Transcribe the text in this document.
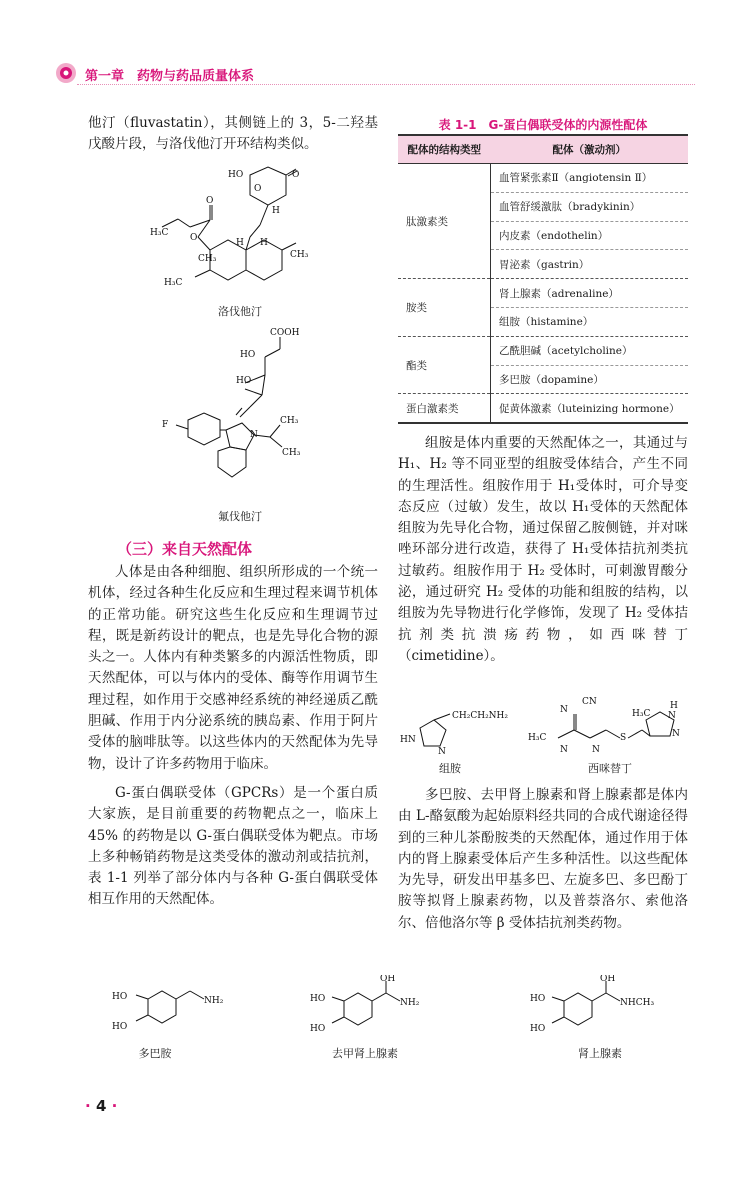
第一章　药物与药品质量体系

他汀（fluvastatin），其侧链上的 3，5-二羟基戊酸片段，与洛伐他汀开环结构类似。

HO	O
O
H
O
O
H₃C
CH₃
H H
CH₃
H₃C
洛伐他汀
COOH
HO
HO
N
CH₃
CH₃
F
氟伐他汀
（三）来自天然配体

人体是由各种细胞、组织所形成的一个统一机体，经过各种生化反应和生理过程来调节机体的正常功能。研究这些生化反应和生理调节过程，既是新药设计的靶点，也是先导化合物的源头之一。人体内有种类繁多的内源活性物质，即天然配体，可以与体内的受体、酶等作用调节生理过程，如作用于交感神经系统的神经递质乙酰胆碱、作用于内分泌系统的胰岛素、作用于阿片受体的脑啡肽等。以这些体内的天然配体为先导物，设计了许多药物用于临床。

G-蛋白偶联受体（GPCRs）是一个蛋白质大家族，是目前重要的药物靶点之一，临床上 45% 的药物是以 G-蛋白偶联受体为靶点。市场上多种畅销药物是这类受体的激动剂或拮抗剂，表 1-1 列举了部分体内与各种 G-蛋白偶联受体相互作用的天然配体。

表 1-1　G-蛋白偶联受体的内源性配体
配体的结构类型	配体（激动剂）
肽激素类	血管紧张素Ⅱ（angiotensin Ⅱ）
	血管舒缓激肽（bradykinin）
	内皮素（endothelin）
	胃泌素（gastrin）
胺类	肾上腺素（adrenaline）
	组胺（histamine）
酯类	乙酰胆碱（acetylcholine）
	多巴胺（dopamine）
蛋白激素类	促黄体激素（luteinizing hormone）

组胺是体内重要的天然配体之一，其通过与 H₁、H₂ 等不同亚型的组胺受体结合，产生不同的生理活性。组胺作用于 H₁受体时，可介导变态反应（过敏）发生，故以 H₁受体的天然配体组胺为先导化合物，通过保留乙胺侧链，并对咪唑环部分进行改造，获得了 H₁受体拮抗剂类抗过敏药。组胺作用于 H₂ 受体时，可刺激胃酸分泌，通过研究 H₂ 受体的功能和组胺的结构，以组胺为先导物进行化学修饰，发现了 H₂ 受体拮抗剂类抗溃疡药物，如西咪替丁（cimetidine）。

HN
N
CH₂CH₂NH₂
组胺
H₃C
N
N
CN
N
S
H₃C
H
N
N
西咪替丁

多巴胺、去甲肾上腺素和肾上腺素都是体内由 L-酪氨酸为起始原料经共同的合成代谢途径得到的三种儿茶酚胺类的天然配体，通过作用于体内的肾上腺素受体后产生多种活性。以这些配体为先导，研发出甲基多巴、左旋多巴、多巴酚丁胺等拟肾上腺素药物，以及普萘洛尔、索他洛尔、倍他洛尔等 β 受体拮抗剂类药物。

HO
HO
NH₂
多巴胺
OH
HO
HO
NH₂
去甲肾上腺素
OH
HO
HO
NHCH₃
肾上腺素
· 4 ·
